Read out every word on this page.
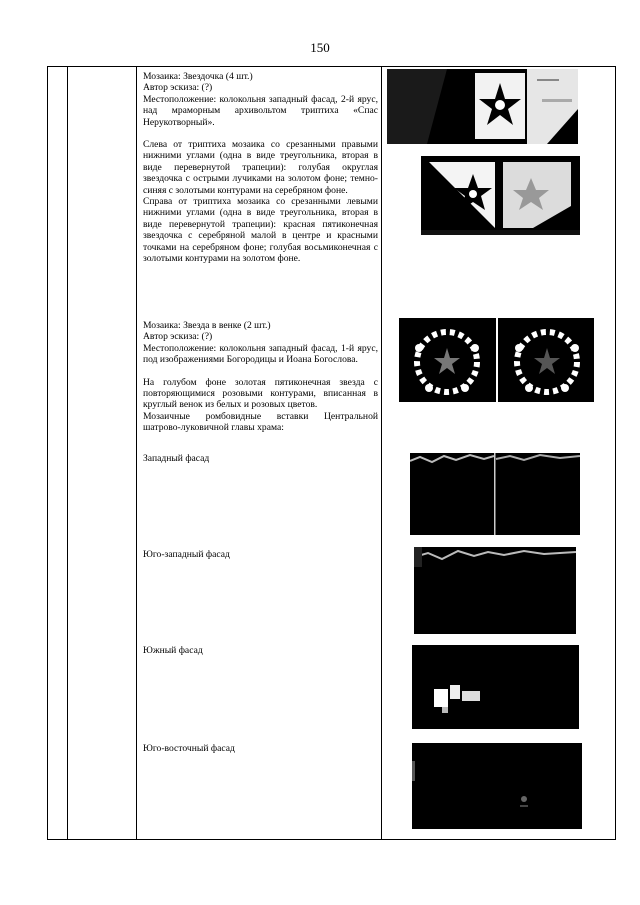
150

Мозаика: Звездочка (4 шт.)

Автор эскиза: (?)

Местоположение: колокольня западный фасад, 2-й ярус, над мраморным архивольтом триптиха «Спас Нерукотворный».

Слева от триптиха мозаика со срезанными правыми нижними углами (одна в виде треугольника, вторая в виде перевернутой трапеции): голубая округлая звездочка с острыми лучиками на золотом фоне; темно-синяя с золотыми контурами на серебряном фоне.

Справа от триптиха мозаика со срезанными левыми нижними углами (одна в виде треугольника, вторая в виде перевернутой трапеции): красная пятиконечная звездочка с серебряной малой в центре и красными точками на серебряном фоне; голубая восьмиконечная с золотыми контурами на золотом фоне.

Мозаика: Звезда в венке (2 шт.)

Автор эскиза: (?)

Местоположение: колокольня западный фасад, 1-й ярус, под изображениями Богородицы и Иоана Богослова.

На голубом фоне золотая пятиконечная звезда с повторяющимися розовыми контурами, вписанная в круглый венок из белых и розовых цветов.

Мозаичные ромбовидные вставки Центральной шатрово-луковичной главы храма:

Западный фасад
Юго-западный фасад
Южный фасад
Юго-восточный фасад
